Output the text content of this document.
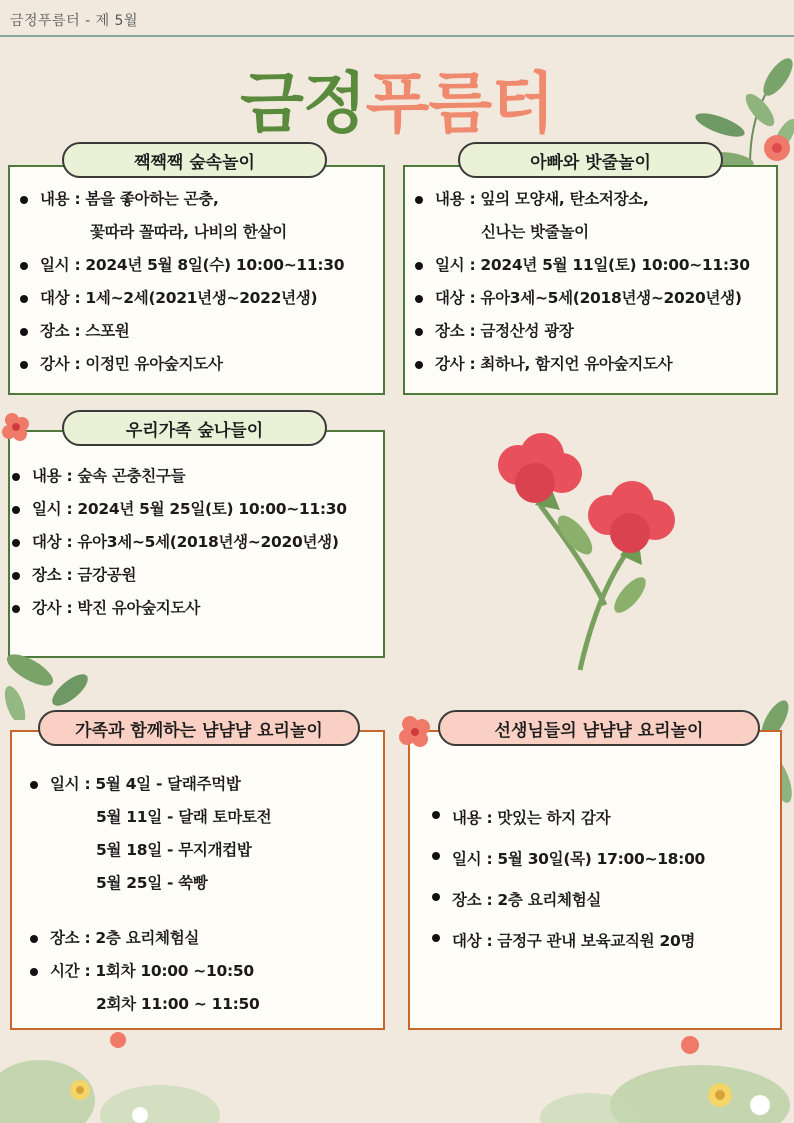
금정푸름터 - 제 5월
금정푸름터
내용 : 봄을 좋아하는 곤충,
꽃따라 꼴따라, 나비의 한살이
일시 : 2024년 5월 8일(수) 10:00~11:30
대상 : 1세~2세(2021년생~2022년생)
장소 : 스포원
강사 : 이정민 유아숲지도사
짹짹짹 숲속놀이
내용 : 잎의 모양새, 탄소저장소,
신나는 밧줄놀이
일시 : 2024년 5월 11일(토) 10:00~11:30
대상 : 유아3세~5세(2018년생~2020년생)
장소 : 금정산성 광장
강사 : 최하나, 함지언 유아숲지도사
아빠와 밧줄놀이
내용 : 숲속 곤충친구들
일시 : 2024년 5월 25일(토) 10:00~11:30
대상 : 유아3세~5세(2018년생~2020년생)
장소 : 금강공원
강사 : 박진 유아숲지도사
우리가족 숲나들이
일시 : 5월 4일 - 달래주먹밥
5월 11일 - 달래 토마토전
5월 18일 - 무지개컵밥
5월 25일 - 쑥빵
장소 : 2층 요리체험실
시간 : 1회차 10:00 ~10:50
2회차 11:00 ~ 11:50
가족과 함께하는 냠냠냠 요리놀이
내용 : 맛있는 하지 감자
일시 : 5월 30일(목) 17:00~18:00
장소 : 2층 요리체험실
대상 : 금정구 관내 보육교직원 20명
선생님들의 냠냠냠 요리놀이
